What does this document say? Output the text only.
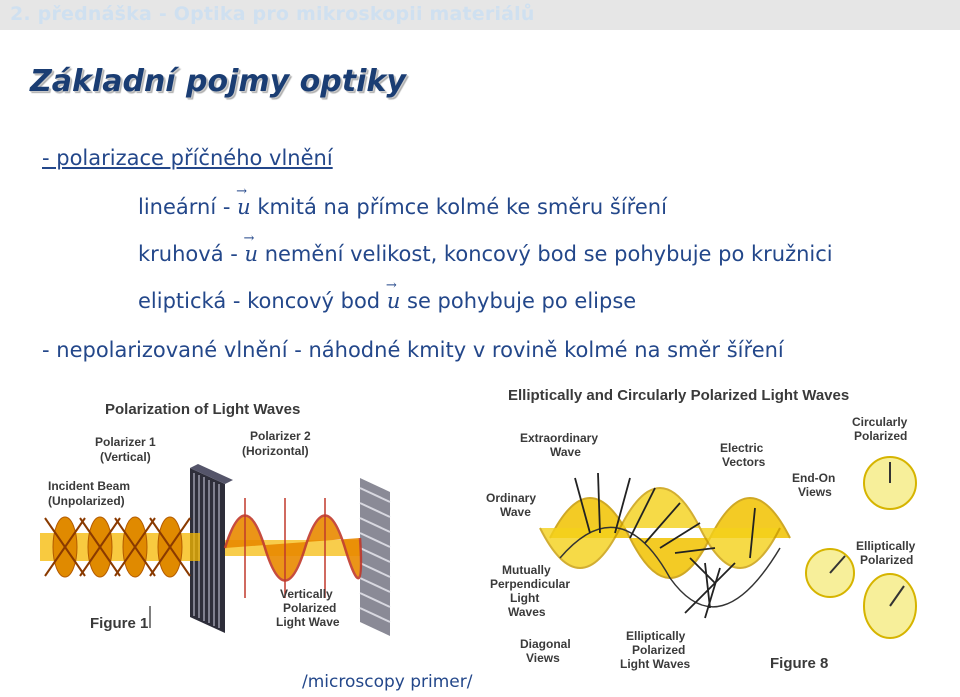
2. přednáška - Optika pro mikroskopii materiálů
Základní pojmy optiky
- polarizace příčného vlnění
lineární - → u kmitá na přímce kolmé ke směru šíření
kruhová - → u nemění velikost, koncový bod se pohybuje po kružnici
eliptická - koncový bod → u se pohybuje po elipse
- nepolarizované vlnění - náhodné kmity v rovině kolmé na směr šíření
Polarization of Light Waves
Polarizer 1
(Vertical)
Polarizer 2
(Horizontal)
Incident Beam
(Unpolarized)
Vertically
Polarized
Light Wave
Figure 1
Elliptically and Circularly Polarized Light Waves
Extraordinary
Wave	Electric
Vectors
Circularly
Polarized
End-On
Views
Ordinary
Wave
Elliptically
Polarized
Mutually
Perpendicular
Light
Waves
Diagonal
Views
Elliptically
Polarized
Light Waves	Figure 8
/microscopy primer/
